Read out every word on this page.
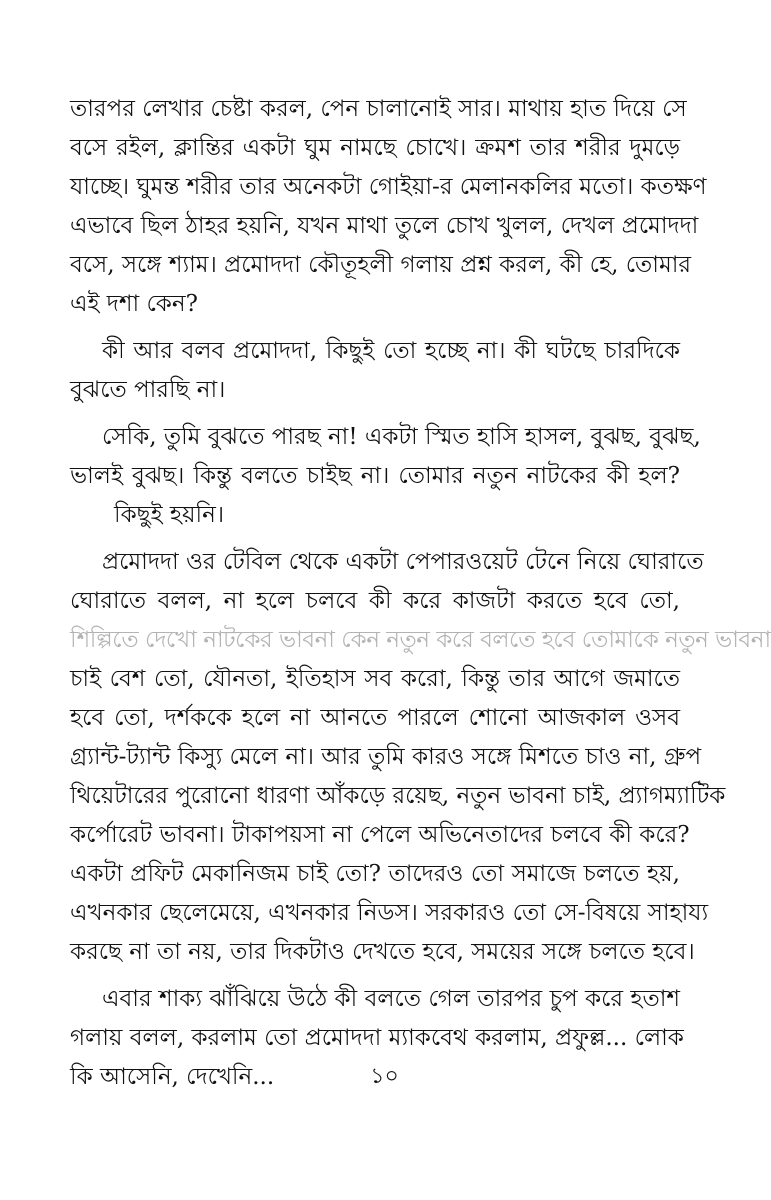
তারপর লেখার চেষ্টা করল, পেন চালানোই সার। মাথায় হাত দিয়ে সে
বসে রইল, ক্লান্তির একটা ঘুম নামছে চোখে। ক্রমশ তার শরীর দুমড়ে
যাচ্ছে। ঘুমন্ত শরীর তার অনেকটা গোইয়া-র মেলানকলির মতো। কতক্ষণ
এভাবে ছিল ঠাহর হয়নি, যখন মাথা তুলে চোখ খুলল, দেখল প্রমোদদা
বসে, সঙ্গে শ্যাম। প্রমোদদা কৌতূহলী গলায় প্রশ্ন করল, কী হে, তোমার
এই দশা কেন?
কী আর বলব প্রমোদদা, কিছুই তো হচ্ছে না। কী ঘটছে চারদিকে
বুঝতে পারছি না।
সেকি, তুমি বুঝতে পারছ না! একটা স্মিত হাসি হাসল, বুঝছ, বুঝছ,
ভালই বুঝছ। কিন্তু বলতে চাইছ না। তোমার নতুন নাটকের কী হল?
কিছুই হয়নি।
প্রমোদদা ওর টেবিল থেকে একটা পেপারওয়েট টেনে নিয়ে ঘোরাতে
ঘোরাতে বলল, না হলে চলবে কী করে কাজটা করতে হবে তো,
শিল্পিতে দেখো নাটকের ভাবনা কেন নতুন করে বলতে হবে তোমাকে নতুন ভাবনা
চাই বেশ তো, যৌনতা, ইতিহাস সব করো, কিন্তু তার আগে জমাতে
হবে তো, দর্শককে হলে না আনতে পারলে শোনো আজকাল ওসব
গ্র্যান্ট-ট্যান্ট কিস্যু মেলে না। আর তুমি কারও সঙ্গে মিশতে চাও না, গ্রুপ
থিয়েটারের পুরোনো ধারণা আঁকড়ে রয়েছ, নতুন ভাবনা চাই, প্র্যাগম্যাটিক
কর্পোরেট ভাবনা। টাকাপয়সা না পেলে অভিনেতাদের চলবে কী করে?
একটা প্রফিট মেকানিজম চাই তো? তাদেরও তো সমাজে চলতে হয়,
এখনকার ছেলেমেয়ে, এখনকার নিডস। সরকারও তো সে-বিষয়ে সাহায্য
করছে না তা নয়, তার দিকটাও দেখতে হবে, সময়ের সঙ্গে চলতে হবে।
এবার শাক্য ঝাঁঝিয়ে উঠে কী বলতে গেল তারপর চুপ করে হতাশ
গলায় বলল, করলাম তো প্রমোদদা ম্যাকবেথ করলাম, প্রফুল্ল... লোক
কি আসেনি, দেখেনি...	১০
